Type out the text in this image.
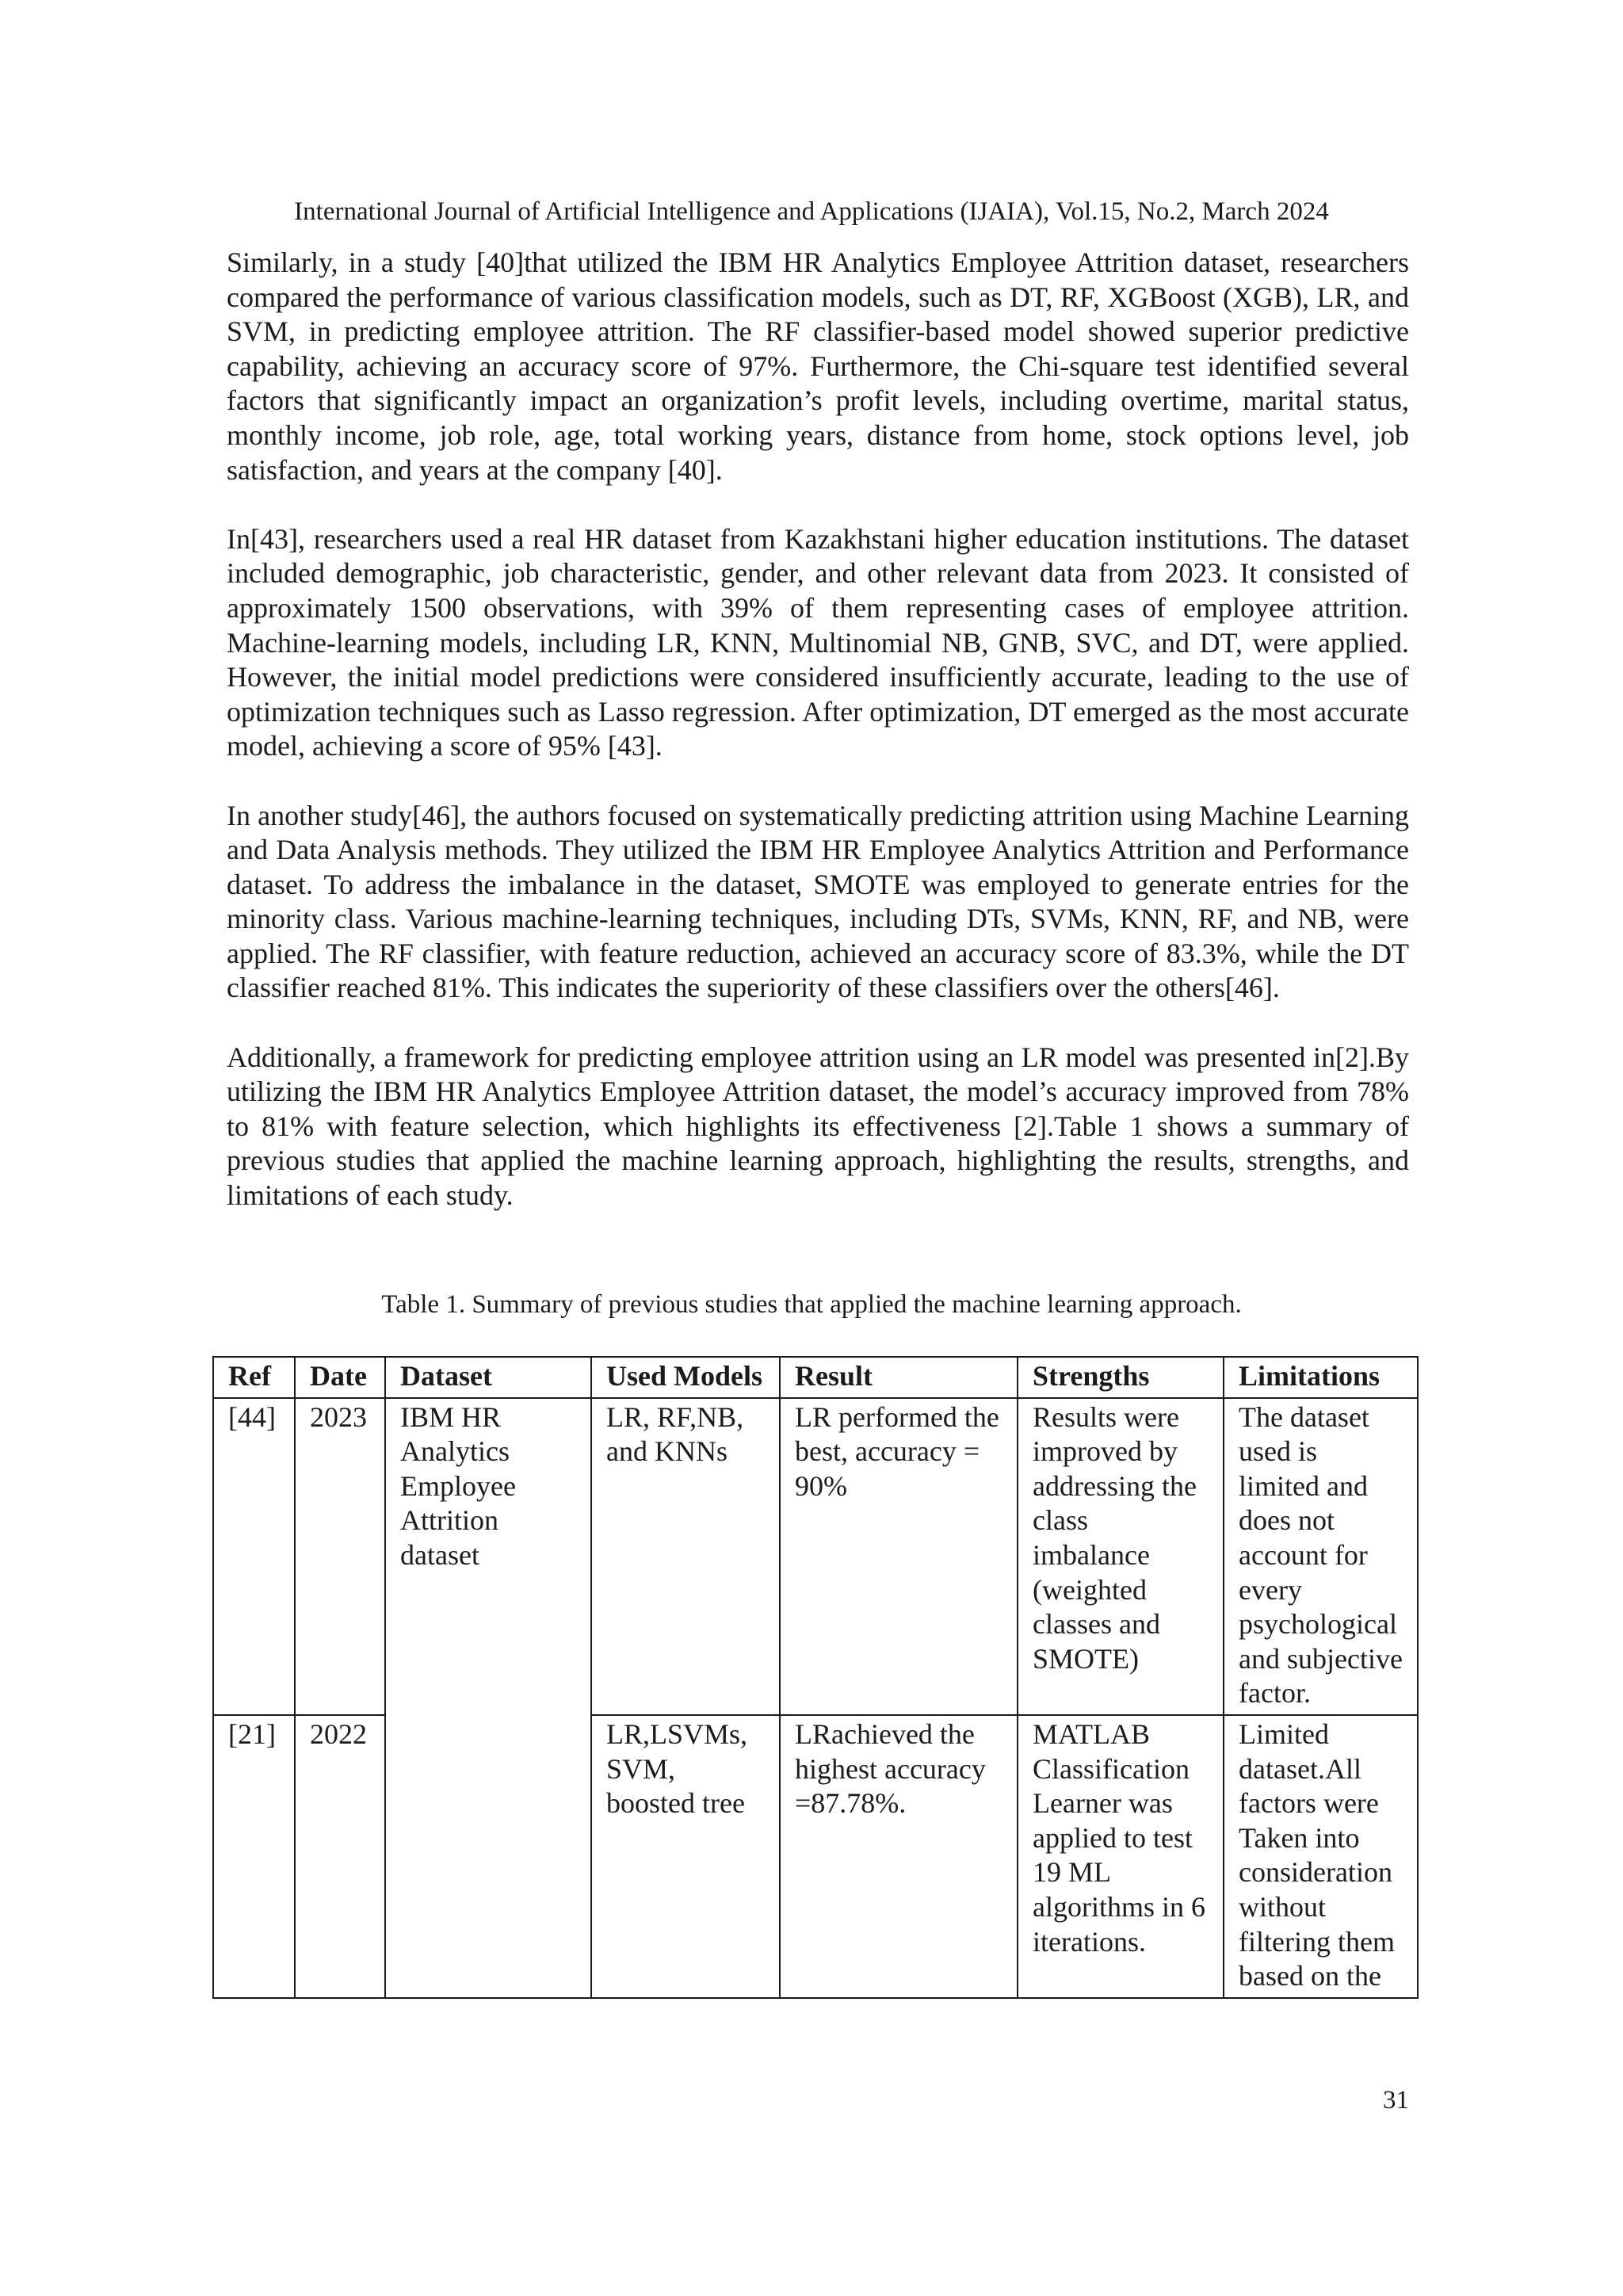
International Journal of Artificial Intelligence and Applications (IJAIA), Vol.15, No.2, March 2024

Similarly, in a study [40]that utilized the IBM HR Analytics Employee Attrition dataset, researchers compared the performance of various classification models, such as DT, RF, XGBoost (XGB), LR, and SVM, in predicting employee attrition. The RF classifier-based model showed superior predictive capability, achieving an accuracy score of 97%. Furthermore, the Chi-square test identified several factors that significantly impact an organization’s profit levels, including overtime, marital status, monthly income, job role, age, total working years, distance from home, stock options level, job satisfaction, and years at the company [40].

In[43], researchers used a real HR dataset from Kazakhstani higher education institutions. The dataset included demographic, job characteristic, gender, and other relevant data from 2023. It consisted of approximately 1500 observations, with 39% of them representing cases of employee attrition. Machine-learning models, including LR, KNN, Multinomial NB, GNB, SVC, and DT, were applied. However, the initial model predictions were considered insufficiently accurate, leading to the use of optimization techniques such as Lasso regression. After optimization, DT emerged as the most accurate model, achieving a score of 95% [43].

In another study[46], the authors focused on systematically predicting attrition using Machine Learning and Data Analysis methods. They utilized the IBM HR Employee Analytics Attrition and Performance dataset. To address the imbalance in the dataset, SMOTE was employed to generate entries for the minority class. Various machine-learning techniques, including DTs, SVMs, KNN, RF, and NB, were applied. The RF classifier, with feature reduction, achieved an accuracy score of 83.3%, while the DT classifier reached 81%. This indicates the superiority of these classifiers over the others[46].

Additionally, a framework for predicting employee attrition using an LR model was presented in[2].By utilizing the IBM HR Analytics Employee Attrition dataset, the model’s accuracy improved from 78% to 81% with feature selection, which highlights its effectiveness [2].Table 1 shows a summary of previous studies that applied the machine learning approach, highlighting the results, strengths, and limitations of each study.

Table 1. Summary of previous studies that applied the machine learning approach.
Ref	Date	Dataset	Used Models	Result	Strengths	Limitations
[44]	2023	IBM HR Analytics Employee Attrition dataset	LR, RF,NB, and KNNs	LR performed the best, accuracy = 90%	Results were improved by addressing the class imbalance (weighted classes and SMOTE)	The dataset used is limited and does not account for every psychological and subjective factor.
[21]	2022		LR,LSVMs, SVM, boosted tree	LRachieved the highest accuracy =87.78%.	MATLAB Classification Learner was applied to test 19 ML algorithms in 6 iterations.	Limited dataset.All factors were Taken into consideration without filtering them based on the
31
